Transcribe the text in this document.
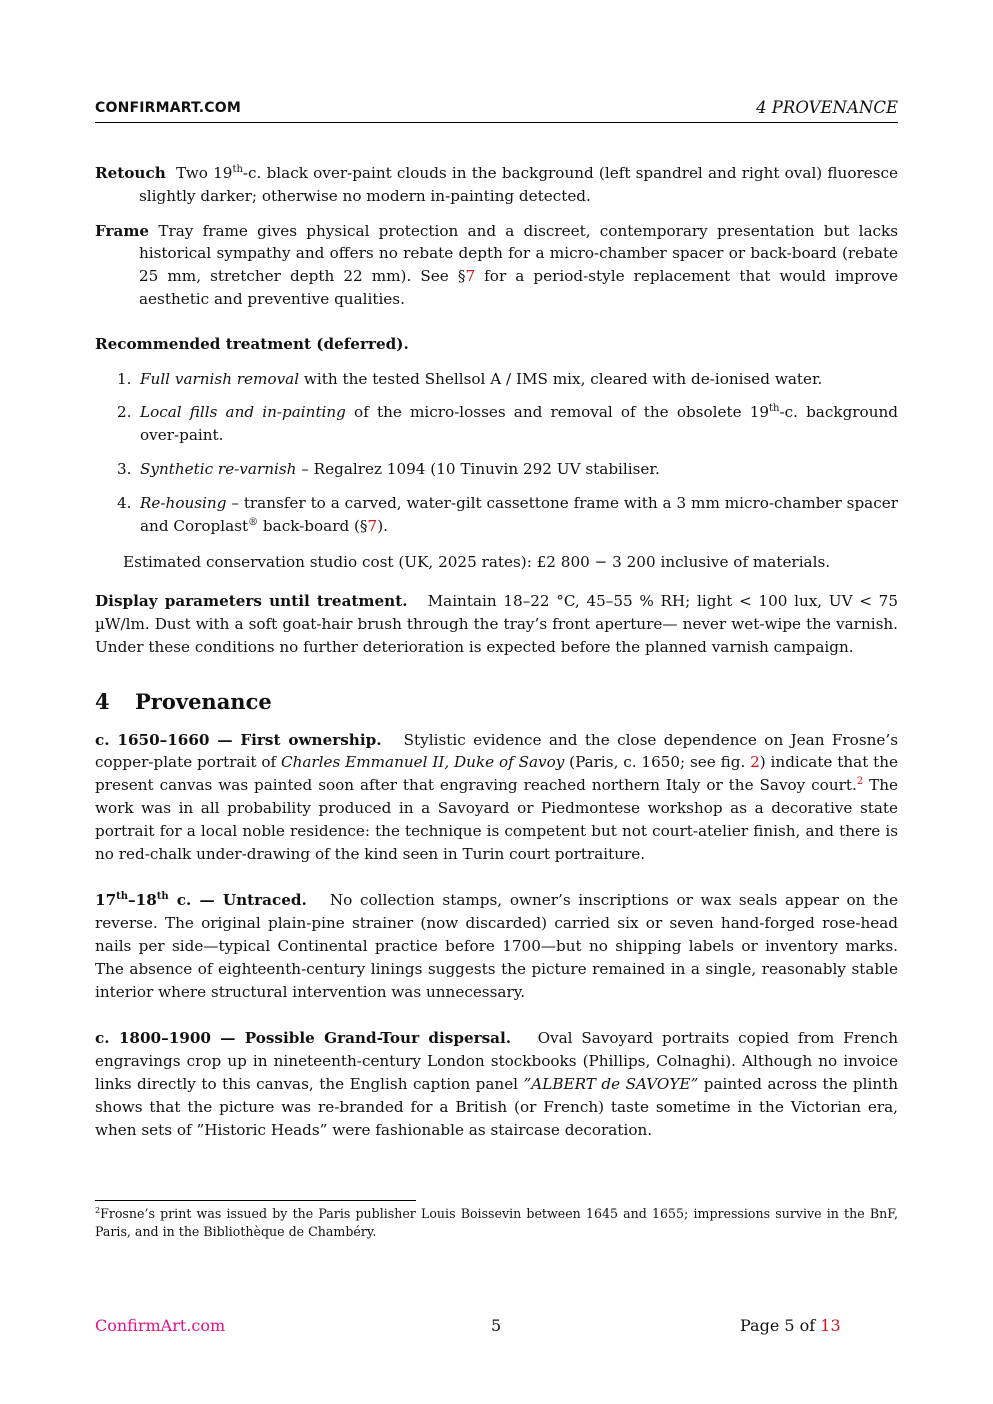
CONFIRMART.COM	4 PROVENANCE

Retouch Two 19th-c. black over-paint clouds in the background (left spandrel and right oval) fluoresce slightly darker; otherwise no modern in-painting detected.

Frame Tray frame gives physical protection and a discreet, contemporary presentation but lacks historical sympathy and offers no rebate depth for a micro-chamber spacer or back-board (rebate 25 mm, stretcher depth 22 mm). See §7 for a period-style replacement that would improve aesthetic and preventive qualities.

Recommended treatment (deferred).

1. Full varnish removal with the tested Shellsol A / IMS mix, cleared with de-ionised water.
2. Local fills and in-painting of the micro-losses and removal of the obsolete 19th-c. background over-paint.
3. Synthetic re-varnish – Regalrez 1094 (10 Tinuvin 292 UV stabiliser.
4. Re-housing – transfer to a carved, water-gilt cassettone frame with a 3 mm micro-chamber spacer and Coroplast® back-board (§7).

Estimated conservation studio cost (UK, 2025 rates): £2 800 − 3 200 inclusive of materials.

Display parameters until treatment. Maintain 18–22 °C, 45–55 % RH; light < 100 lux, UV < 75 µW/lm. Dust with a soft goat-hair brush through the tray’s front aperture— never wet-wipe the varnish. Under these conditions no further deterioration is expected before the planned varnish campaign.

4 Provenance

c. 1650–1660 — First ownership. Stylistic evidence and the close dependence on Jean Frosne’s copper-plate portrait of Charles Emmanuel II, Duke of Savoy (Paris, c. 1650; see fig. 2) indicate that the present canvas was painted soon after that engraving reached northern Italy or the Savoy court.$^2$ The work was in all probability produced in a Savoyard or Piedmontese workshop as a decorative state portrait for a local noble residence: the technique is competent but not court-atelier finish, and there is no red-chalk under-drawing of the kind seen in Turin court portraiture.

17th–18th c. — Untraced. No collection stamps, owner’s inscriptions or wax seals appear on the reverse. The original plain-pine strainer (now discarded) carried six or seven hand-forged rose-head nails per side—typical Continental practice before 1700—but no shipping labels or inventory marks. The absence of eighteenth-century linings suggests the picture remained in a single, reasonably stable interior where structural intervention was unnecessary.

c. 1800–1900 — Possible Grand-Tour dispersal. Oval Savoyard portraits copied from French engravings crop up in nineteenth-century London stockbooks (Phillips, Colnaghi). Although no invoice links directly to this canvas, the English caption panel ”ALBERT de SAVOYE” painted across the plinth shows that the picture was re-branded for a British (or French) taste sometime in the Victorian era, when sets of ”Historic Heads” were fashionable as staircase decoration.

$^2$Frosne’s print was issued by the Paris publisher Louis Boissevin between 1645 and 1655; impressions survive in the BnF, Paris, and in the Bibliothèque de Chambéry.

ConfirmArt.com	5	Page 5 of 13
